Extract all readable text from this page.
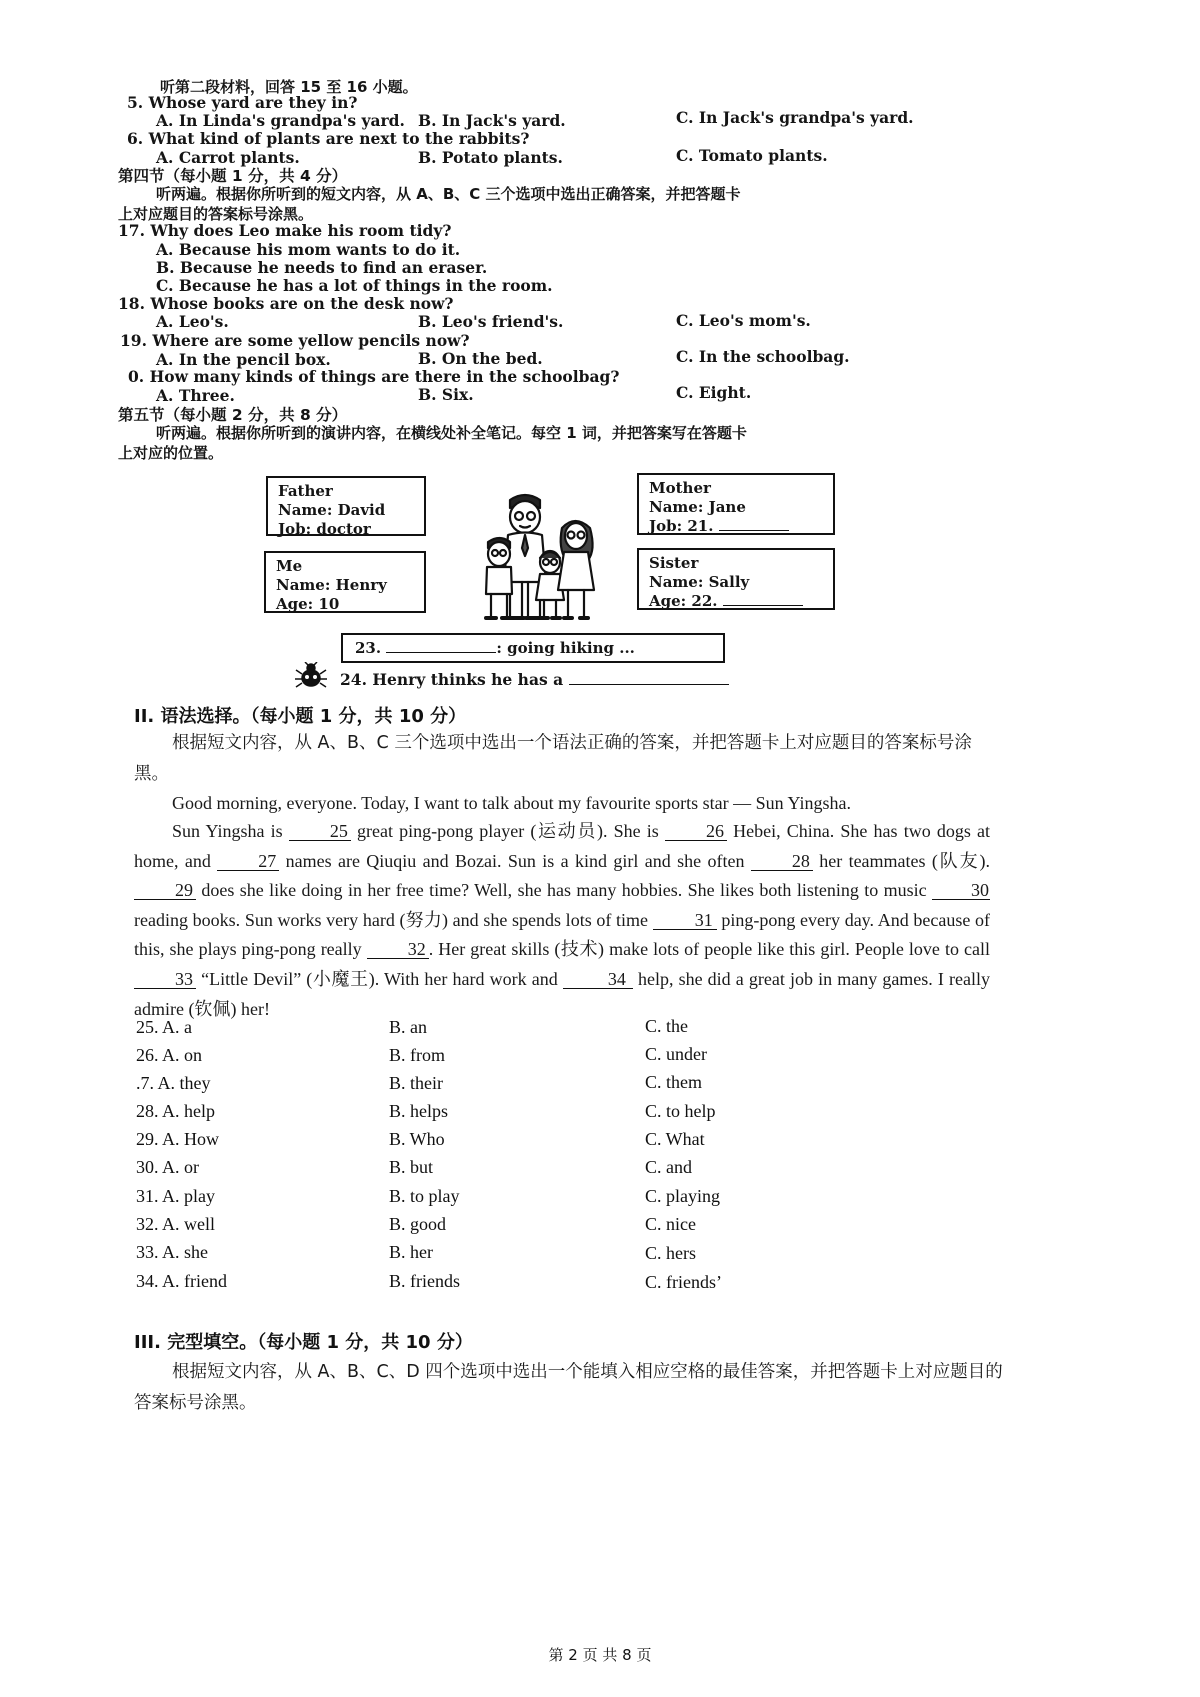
听第二段材料，回答 15 至 16 小题。
5. Whose yard are they in?
A. In Linda's grandpa's yard. B. In Jack's yard.	C. In Jack's grandpa's yard.
6. What kind of plants are next to the rabbits?
A. Carrot plants.	B. Potato plants.	C. Tomato plants.
第四节（每小题 1 分，共 4 分）
听两遍。根据你所听到的短文内容，从 A、B、C 三个选项中选出正确答案，并把答题卡
上对应题目的答案标号涂黑。
17. Why does Leo make his room tidy?
A. Because his mom wants to do it.
B. Because he needs to find an eraser.
C. Because he has a lot of things in the room.
18. Whose books are on the desk now?
A. Leo's.	B. Leo's friend's.	C. Leo's mom's.
19. Where are some yellow pencils now?
A. In the pencil box.	B. On the bed.	C. In the schoolbag.
0. How many kinds of things are there in the schoolbag?
A. Three.	B. Six.	C. Eight.
第五节（每小题 2 分，共 8 分）
听两遍。根据你所听到的演讲内容，在横线处补全笔记。每空 1 词，并把答案写在答题卡
上对应的位置。
Father
Name: David
Job: doctor
Me
Name: Henry
Age: 10
Mother
Name: Jane
Job: 21.
Sister
Name: Sally
Age: 22.
23.	: going hiking ...
24. Henry thinks he has a
II. 语法选择。（每小题 1 分，共 10 分）
根据短文内容，从 A、B、C 三个选项中选出一个语法正确的答案，并把答题卡上对应题目的答案标号涂黑。
Good morning, everyone. Today, I want to talk about my favourite sports star — Sun Yingsha.
Sun Yingsha is 25 great ping-pong player (运动员). She is 26 Hebei, China. She has two dogs at home, and 27 names are Qiuqiu and Bozai. Sun is a kind girl and she often 28 her teammates (队友). 29 does she like doing in her free time? Well, she has many hobbies. She likes both listening to music 30 reading books. Sun works very hard (努力) and she spends lots of time 31 ping-pong every day. And because of this, she plays ping-pong really 32 . Her great skills (技术) make lots of people like this girl. People love to call 33 “Little Devil” (小魔王). With her hard work and	34 help, she did a great job in many games. I really admire (钦佩) her!
25. A. a	B. an	C. the
26. A. on	B. from	C. under
.7. A. they	B. their	C. them
28. A. help	B. helps	C. to help
29. A. How	B. Who	C. What
30. A. or	B. but	C. and
31. A. play	B. to play	C. playing
32. A. well	B. good	C. nice
33. A. she	B. her	C. hers
34. A. friend	B. friends	C. friends’
III. 完型填空。（每小题 1 分，共 10 分）
根据短文内容，从 A、B、C、D 四个选项中选出一个能填入相应空格的最佳答案，并把答题卡上对应题目的答案标号涂黑。
第 2 页 共 8 页
